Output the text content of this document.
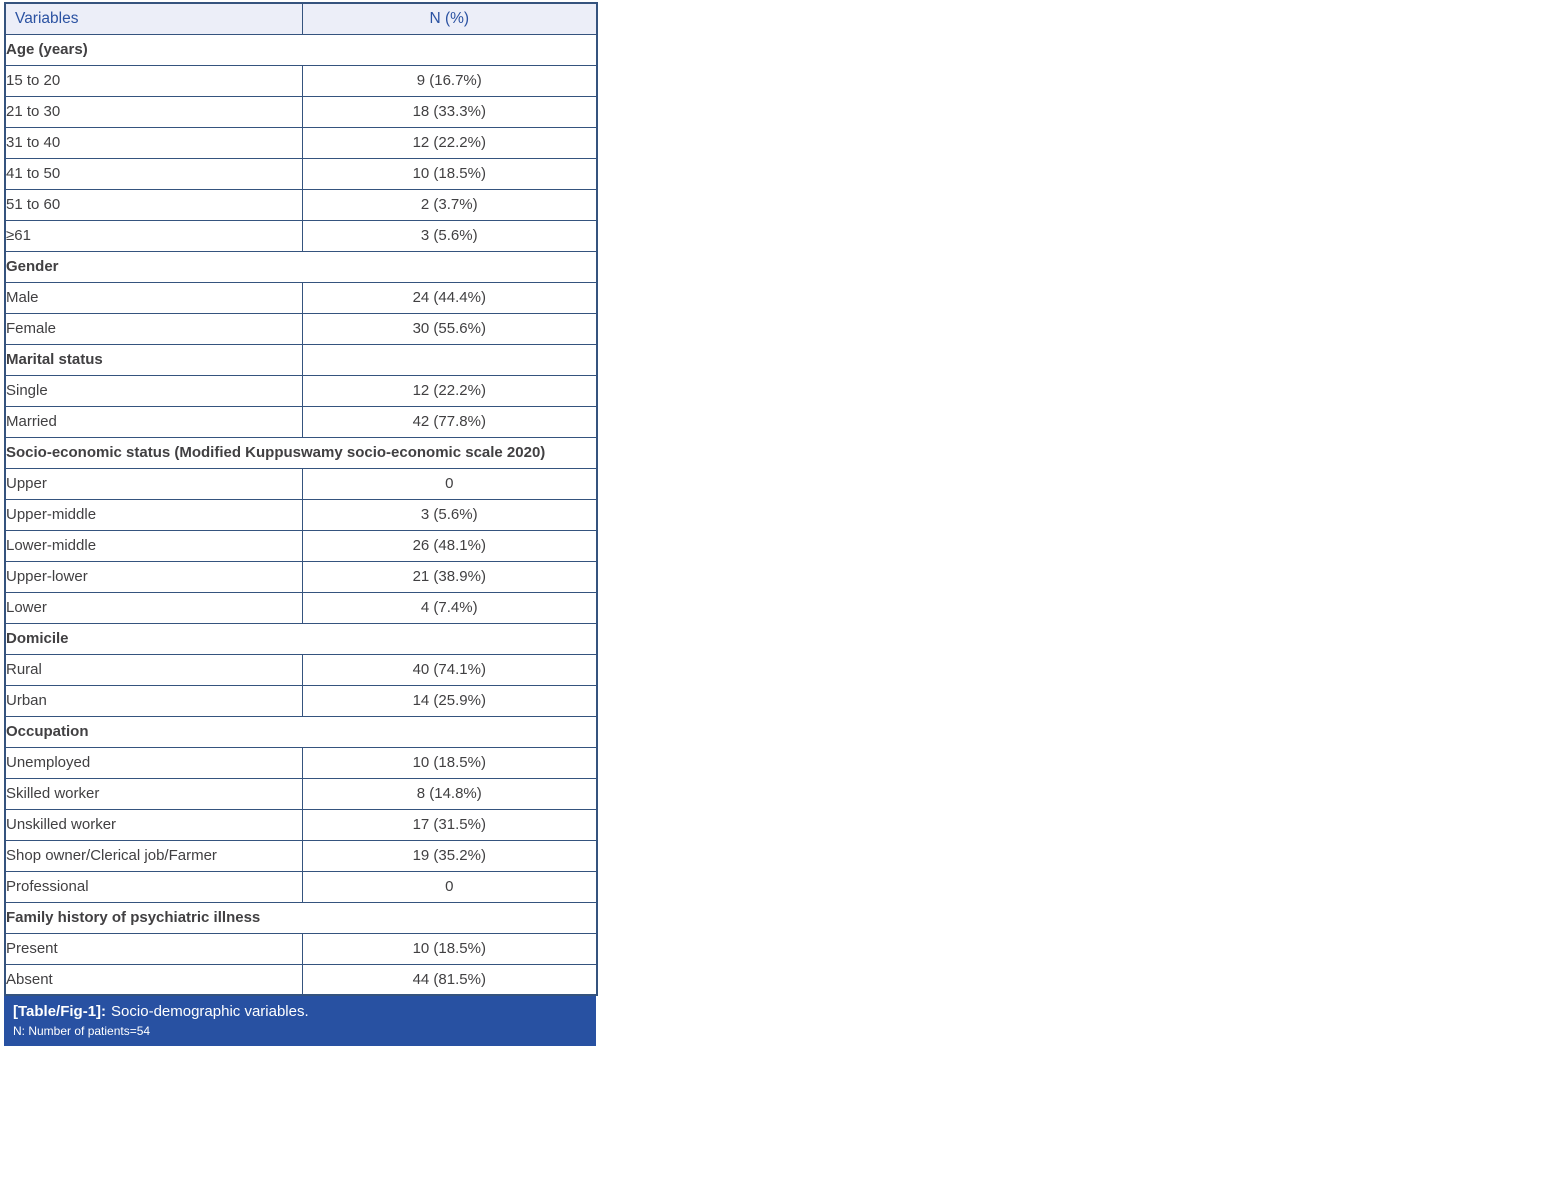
Variables	N (%)
Age (years)	
15 to 20	9 (16.7%)
21 to 30	18 (33.3%)
31 to 40	12 (22.2%)
41 to 50	10 (18.5%)
51 to 60	2 (3.7%)
≥61	3 (5.6%)
Gender	
Male	24 (44.4%)
Female	30 (55.6%)
Marital status	
Single	12 (22.2%)
Married	42 (77.8%)
Socio-economic status (Modified Kuppuswamy socio-economic scale 2020)	
Upper	0
Upper-middle	3 (5.6%)
Lower-middle	26 (48.1%)
Upper-lower	21 (38.9%)
Lower	4 (7.4%)
Domicile	
Rural	40 (74.1%)
Urban	14 (25.9%)
Occupation	
Unemployed	10 (18.5%)
Skilled worker	8 (14.8%)
Unskilled worker	17 (31.5%)
Shop owner/Clerical job/Farmer	19 (35.2%)
Professional	0
Family history of psychiatric illness	
Present	10 (18.5%)
Absent	44 (81.5%)
[Table/Fig-1]: Socio-demographic variables.
N: Number of patients=54
